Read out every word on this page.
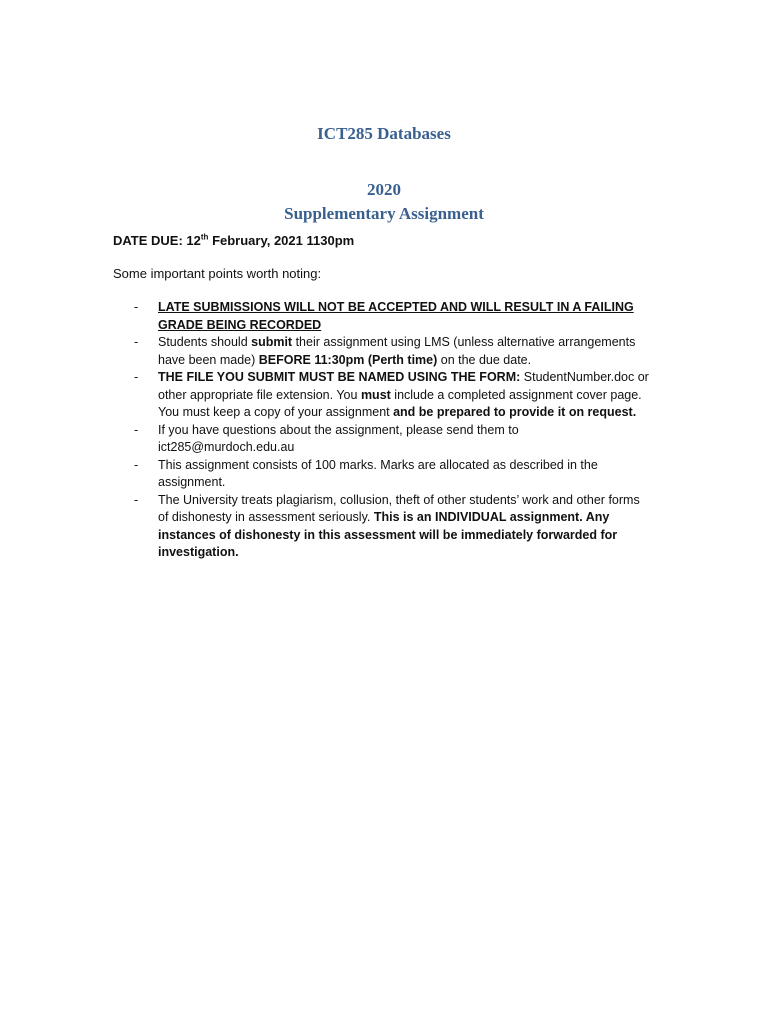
ICT285 Databases
2020
Supplementary Assignment
DATE DUE: 12th February, 2021 1130pm
Some important points worth noting:
- LATE SUBMISSIONS WILL NOT BE ACCEPTED AND WILL RESULT IN A FAILING GRADE BEING RECORDED
- Students should submit their assignment using LMS (unless alternative arrangements have been made) BEFORE 11:30pm (Perth time) on the due date.
- THE FILE YOU SUBMIT MUST BE NAMED USING THE FORM: StudentNumber.doc or other appropriate file extension. You must include a completed assignment cover page. You must keep a copy of your assignment and be prepared to provide it on request.
- If you have questions about the assignment, please send them to ict285@murdoch.edu.au
- This assignment consists of 100 marks. Marks are allocated as described in the assignment.
- The University treats plagiarism, collusion, theft of other students’ work and other forms of dishonesty in assessment seriously. This is an INDIVIDUAL assignment. Any instances of dishonesty in this assessment will be immediately forwarded for investigation.
